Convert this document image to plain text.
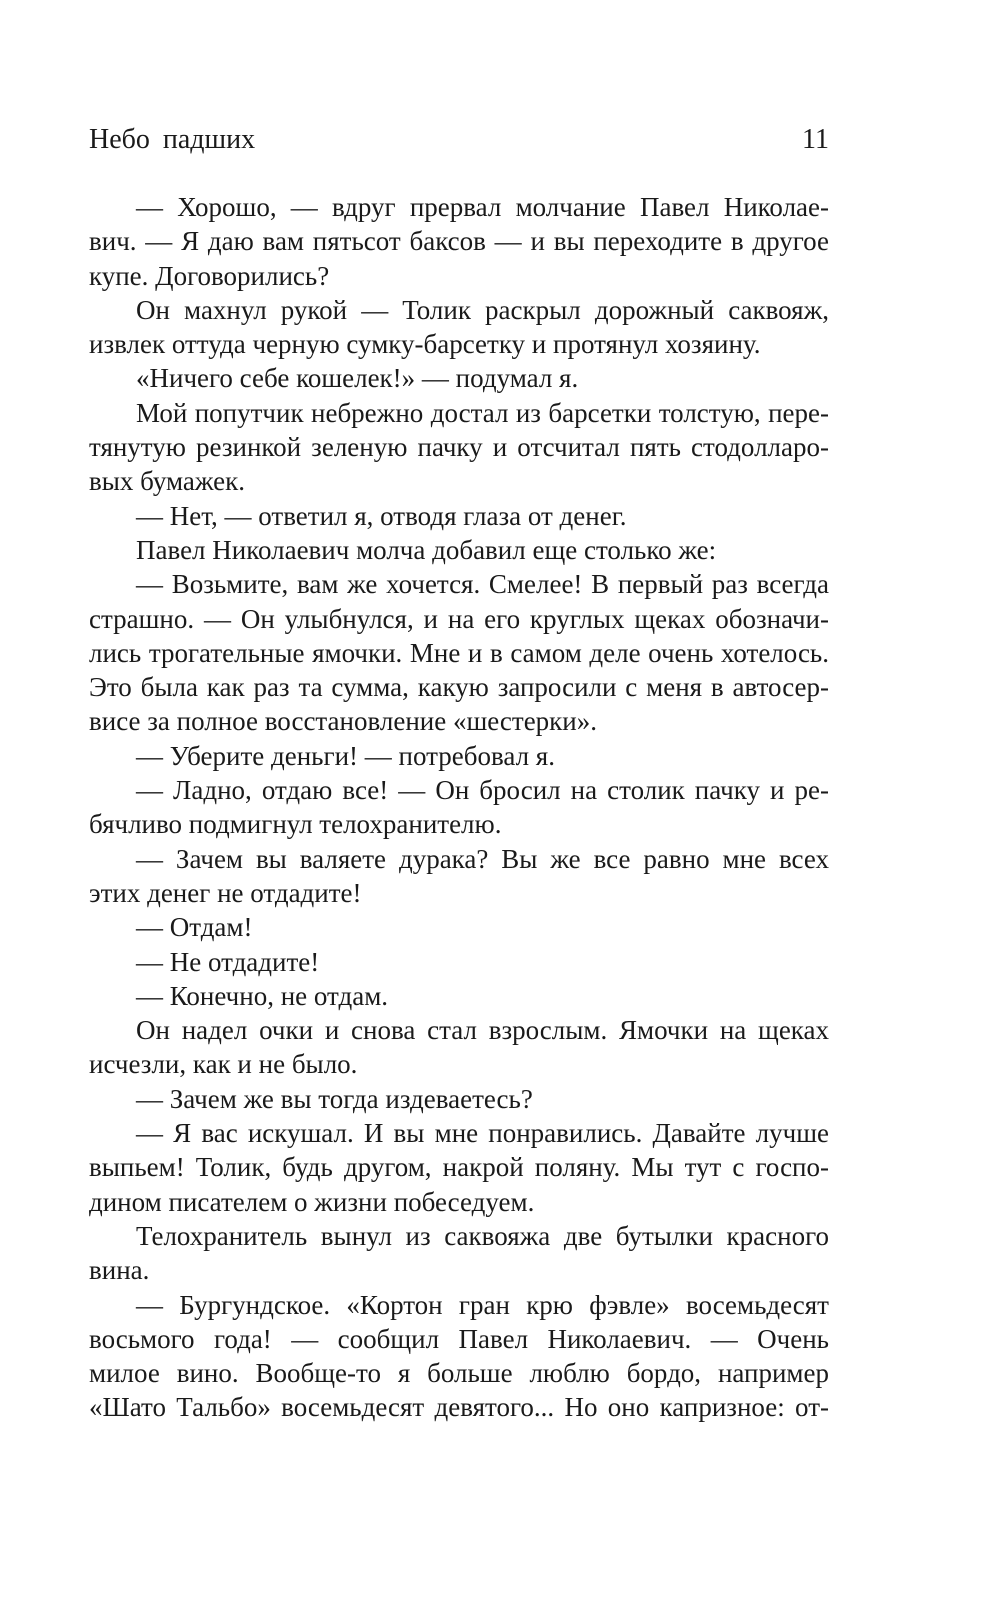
Небо падших	11
— Хорошо, — вдруг прервал молчание Павел Николае-
вич. — Я даю вам пятьсот баксов — и вы переходите в другое
купе. Договорились?
Он махнул рукой — Толик раскрыл дорожный саквояж,
извлек оттуда черную сумку-барсетку и протянул хозяину.
«Ничего себе кошелек!» — подумал я.
Мой попутчик небрежно достал из барсетки толстую, пере-
тянутую резинкой зеленую пачку и отсчитал пять стодолларо-
вых бумажек.
— Нет, — ответил я, отводя глаза от денег.
Павел Николаевич молча добавил еще столько же:
— Возьмите, вам же хочется. Смелее! В первый раз всегда
страшно. — Он улыбнулся, и на его круглых щеках обозначи-
лись трогательные ямочки. Мне и в самом деле очень хотелось.
Это была как раз та сумма, какую запросили с меня в автосер-
висе за полное восстановление «шестерки».
— Уберите деньги! — потребовал я.
— Ладно, отдаю все! — Он бросил на столик пачку и ре-
бячливо подмигнул телохранителю.
— Зачем вы валяете дурака? Вы же все равно мне всех
этих денег не отдадите!
— Отдам!
— Не отдадите!
— Конечно, не отдам.
Он надел очки и снова стал взрослым. Ямочки на щеках
исчезли, как и не было.
— Зачем же вы тогда издеваетесь?
— Я вас искушал. И вы мне понравились. Давайте лучше
выпьем! Толик, будь другом, накрой поляну. Мы тут с госпо-
дином писателем о жизни побеседуем.
Телохранитель вынул из саквояжа две бутылки красного
вина.
— Бургундское. «Кортон гран крю фэвле» восемьдесят
восьмого года! — сообщил Павел Николаевич. — Очень
милое вино. Вообще-то я больше люблю бордо, например
«Шато Тальбо» восемьдесят девятого... Но оно капризное: от-
